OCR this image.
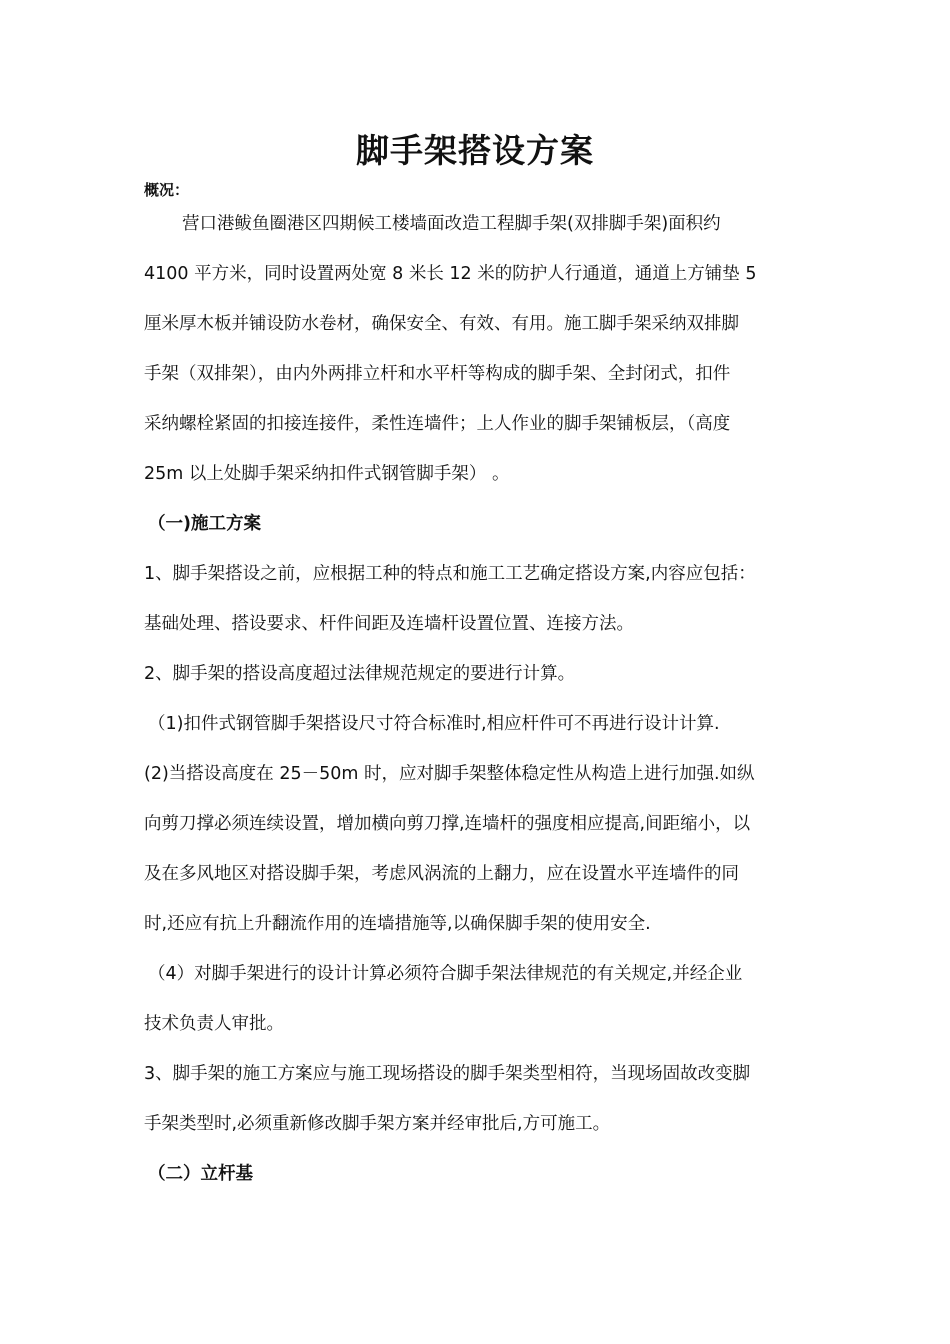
脚手架搭设方案
概况：
营口港鲅鱼圈港区四期候工楼墙面改造工程脚手架(双排脚手架)面积约
4100 平方米，同时设置两处宽 8 米长 12 米的防护人行通道，通道上方铺垫 5
厘米厚木板并铺设防水卷材，确保安全、有效、有用。施工脚手架采纳双排脚
手架（双排架），由内外两排立杆和水平杆等构成的脚手架、全封闭式，扣件
采纳螺栓紧固的扣接连接件，柔性连墙件；上人作业的脚手架铺板层，（高度
25m 以上处脚手架采纳扣件式钢管脚手架） 。
（一)施工方案
1、脚手架搭设之前，应根据工种的特点和施工工艺确定搭设方案,内容应包括：
基础处理、搭设要求、杆件间距及连墙杆设置位置、连接方法。
2、脚手架的搭设高度超过法律规范规定的要进行计算。
（1)扣件式钢管脚手架搭设尺寸符合标准时,相应杆件可不再进行设计计算.
(2)当搭设高度在 25－50m 时，应对脚手架整体稳定性从构造上进行加强.如纵
向剪刀撑必须连续设置，增加横向剪刀撑,连墙杆的强度相应提高,间距缩小，以
及在多风地区对搭设脚手架，考虑风涡流的上翻力，应在设置水平连墙件的同
时,还应有抗上升翻流作用的连墙措施等,以确保脚手架的使用安全.
（4）对脚手架进行的设计计算必须符合脚手架法律规范的有关规定,并经企业
技术负责人审批。
3、脚手架的施工方案应与施工现场搭设的脚手架类型相符，当现场固故改变脚
手架类型时,必须重新修改脚手架方案并经审批后,方可施工。
（二）立杆基
